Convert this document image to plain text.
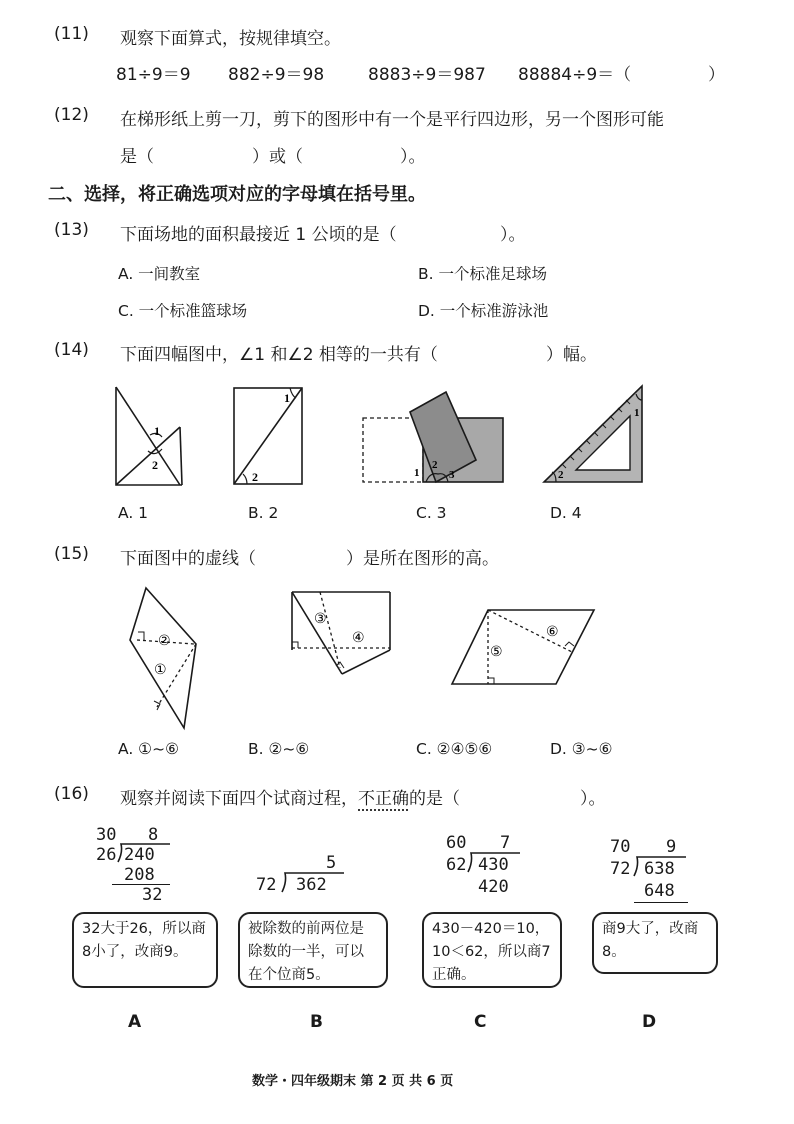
(11) 观察下面算式，按规律填空。
81÷9＝9 882÷9＝98	8883÷9＝987 88884÷9＝（	）
(12) 在梯形纸上剪一刀，剪下的图形中有一个是平行四边形，另一个图形可能
是（	）或（	）。
二、选择，将正确选项对应的字母填在括号里。
(13) 下面场地的面积最接近 1 公顷的是（	）。
A. 一间教室	B. 一个标准足球场
C. 一个标准篮球场	D. 一个标准游泳池
(14) 下面四幅图中，∠1 和∠2 相等的一共有（	）幅。
1
2
1
2	1
2
3
1
2
A. 1	B. 2	C. 3	D. 4
(15) 下面图中的虚线（	）是所在图形的高。
②
①
③
④	⑥
⑤
A. ①~⑥	B. ②~⑥	C. ②④⑤⑥	D. ③~⑥
(16) 观察并阅读下面四个试商过程，不正确的是（	）。
30 8
26 240
208
32
5
72 362
60 7
62 430
420
70 9
72 638
648
32大于26，所以商8小了，改商9。
被除数的前两位是除数的一半，可以在个位商5。
430－420＝10，10＜62，所以商7正确。
商9大了，改商8。
A	B	C	D
数学・四年级期末 第 2 页 共 6 页
